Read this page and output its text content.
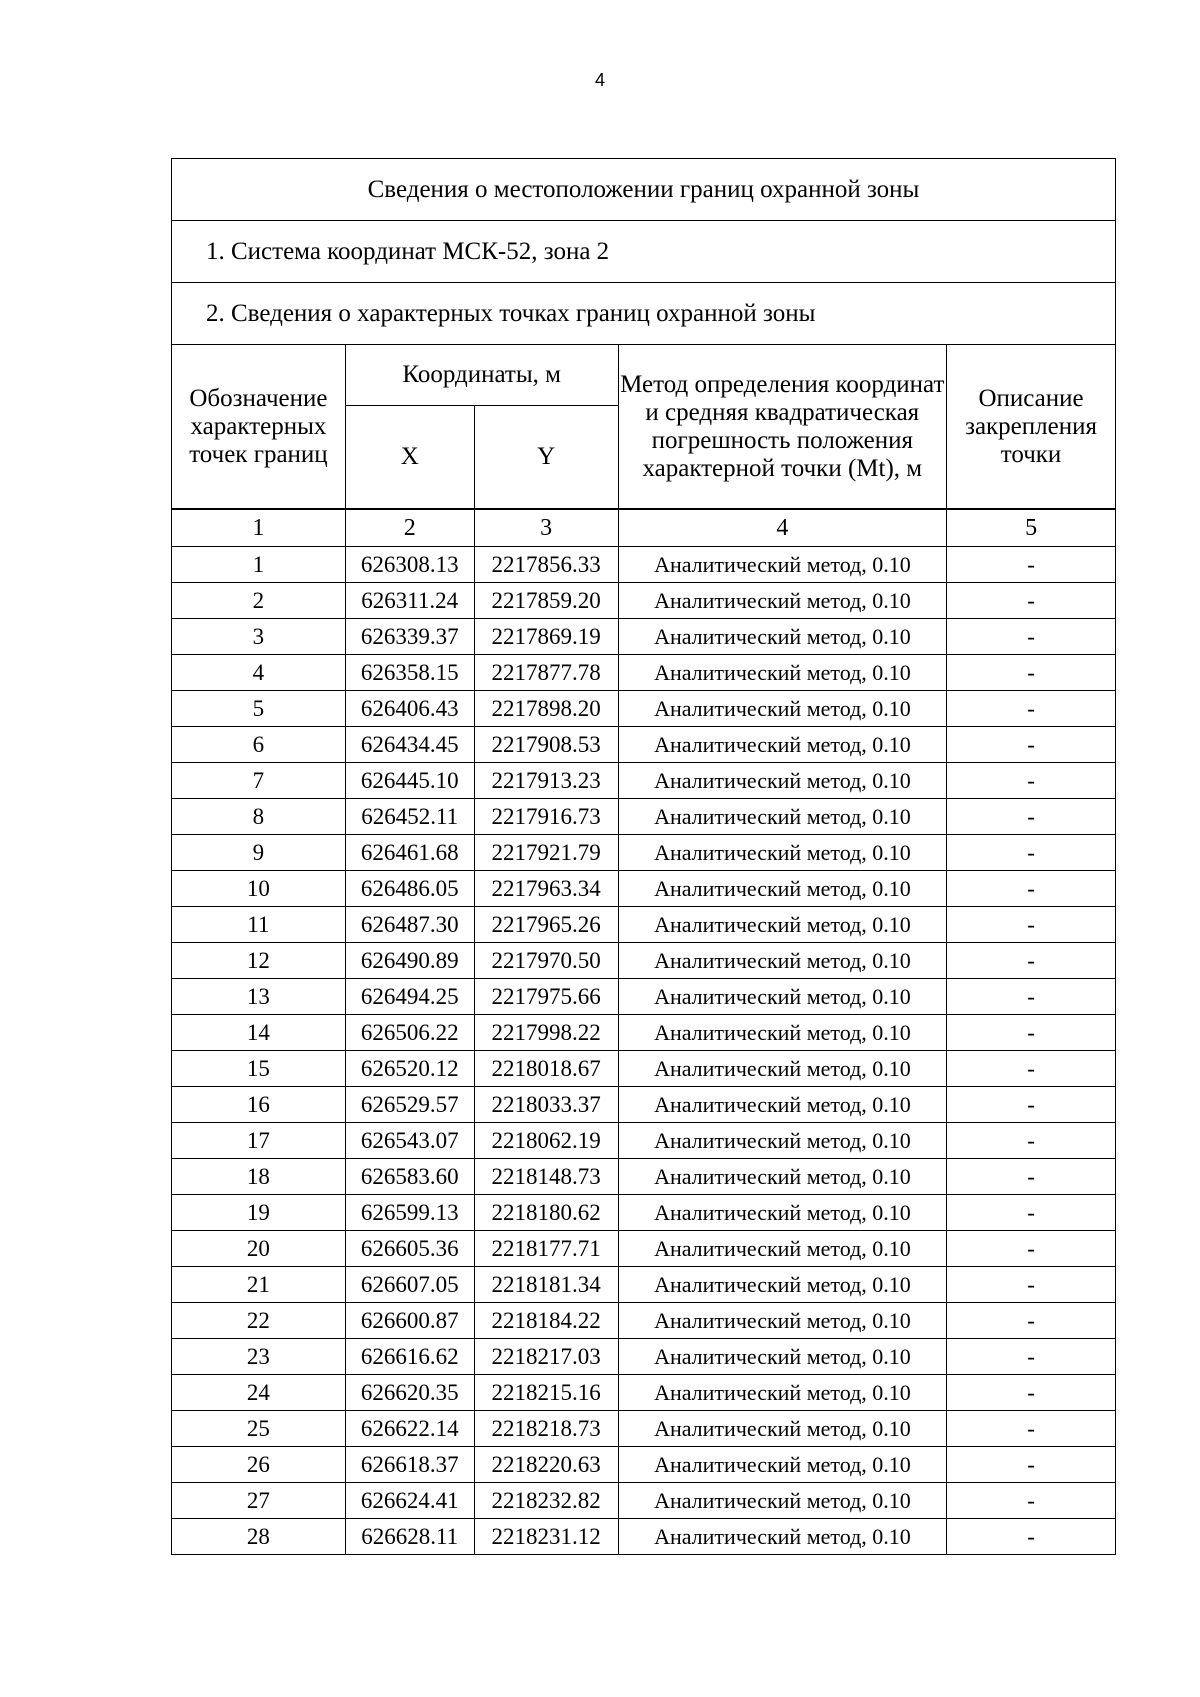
4
Сведения о местоположении границ охранной зоны				
1. Система координат МСК-52, зона 2				
2. Сведения о характерных точках границ охранной зоны				
Обозначение характерных точек границ	Координаты, м		Метод определения координат и средняя квадратическая погрешность положения характерной точки (Mt), м	Описание закрепления точки
	X	Y		
1	2	3	4	5
1	626308.13	2217856.33	Аналитический метод, 0.10	-
2	626311.24	2217859.20	Аналитический метод, 0.10	-
3	626339.37	2217869.19	Аналитический метод, 0.10	-
4	626358.15	2217877.78	Аналитический метод, 0.10	-
5	626406.43	2217898.20	Аналитический метод, 0.10	-
6	626434.45	2217908.53	Аналитический метод, 0.10	-
7	626445.10	2217913.23	Аналитический метод, 0.10	-
8	626452.11	2217916.73	Аналитический метод, 0.10	-
9	626461.68	2217921.79	Аналитический метод, 0.10	-
10	626486.05	2217963.34	Аналитический метод, 0.10	-
11	626487.30	2217965.26	Аналитический метод, 0.10	-
12	626490.89	2217970.50	Аналитический метод, 0.10	-
13	626494.25	2217975.66	Аналитический метод, 0.10	-
14	626506.22	2217998.22	Аналитический метод, 0.10	-
15	626520.12	2218018.67	Аналитический метод, 0.10	-
16	626529.57	2218033.37	Аналитический метод, 0.10	-
17	626543.07	2218062.19	Аналитический метод, 0.10	-
18	626583.60	2218148.73	Аналитический метод, 0.10	-
19	626599.13	2218180.62	Аналитический метод, 0.10	-
20	626605.36	2218177.71	Аналитический метод, 0.10	-
21	626607.05	2218181.34	Аналитический метод, 0.10	-
22	626600.87	2218184.22	Аналитический метод, 0.10	-
23	626616.62	2218217.03	Аналитический метод, 0.10	-
24	626620.35	2218215.16	Аналитический метод, 0.10	-
25	626622.14	2218218.73	Аналитический метод, 0.10	-
26	626618.37	2218220.63	Аналитический метод, 0.10	-
27	626624.41	2218232.82	Аналитический метод, 0.10	-
28	626628.11	2218231.12	Аналитический метод, 0.10	-
